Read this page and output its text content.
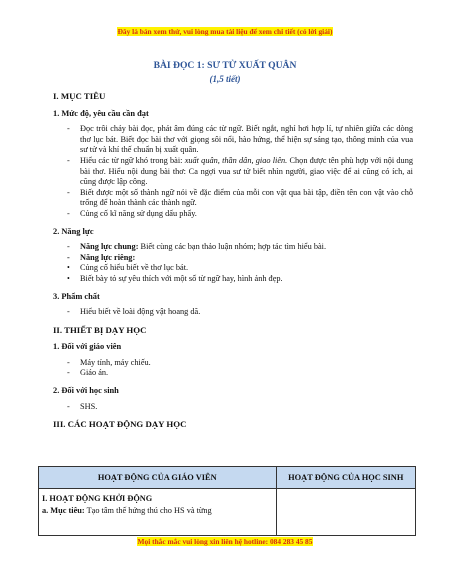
Đây là bản xem thử, vui lòng mua tài liệu để xem chi tiết (có lời giải)
BÀI ĐỌC 1: SƯ TỬ XUẤT QUÂN
(1,5 tiết)
I. MỤC TIÊU
1. Mức độ, yêu cầu cần đạt
- Đọc trôi chảy bài đọc, phát âm đúng các từ ngữ. Biết ngắt, nghỉ hơi hợp lí, tự nhiên giữa các dòng thơ lục bát. Biết đọc bài thơ với giọng sôi nổi, hào hứng, thể hiện sự sáng tạo, thông minh của vua sư tử và khí thế chuẩn bị xuất quân.
- Hiểu các từ ngữ khó trong bài: xuất quân, thần dân, giao liên. Chọn được tên phù hợp với nội dung bài thơ. Hiểu nội dung bài thơ: Ca ngợi vua sư tử biết nhìn người, giao việc để ai cũng có ích, ai cũng được lập công.
- Biết được một số thành ngữ nói về đặc điểm của mỗi con vật qua bài tập, điền tên con vật vào chỗ trống để hoàn thành các thành ngữ.
- Củng cố kĩ năng sử dụng dấu phẩy.
2. Năng lực
- Năng lực chung: Biết cùng các bạn thảo luận nhóm; hợp tác tìm hiểu bài.
- Năng lực riêng:
• Củng cố hiểu biết về thơ lục bát.
• Biết bày tỏ sự yêu thích với một số từ ngữ hay, hình ảnh đẹp.
3. Phẩm chất
- Hiểu biết về loài động vật hoang dã.
II. THIẾT BỊ DẠY HỌC
1. Đối với giáo viên
- Máy tính, máy chiếu.
- Giáo án.
2. Đối với học sinh
- SHS.
III. CÁC HOẠT ĐỘNG DẠY HỌC
HOẠT ĐỘNG CỦA GIÁO VIÊN	HOẠT ĐỘNG CỦA HỌC SINH

I. HOẠT ĐỘNG KHỞI ĐỘNG
a. Mục tiêu: Tạo tâm thế hứng thú cho HS và từng	

Mọi thắc mắc vui lòng xin liên hệ hotline: 084 283 45 85
